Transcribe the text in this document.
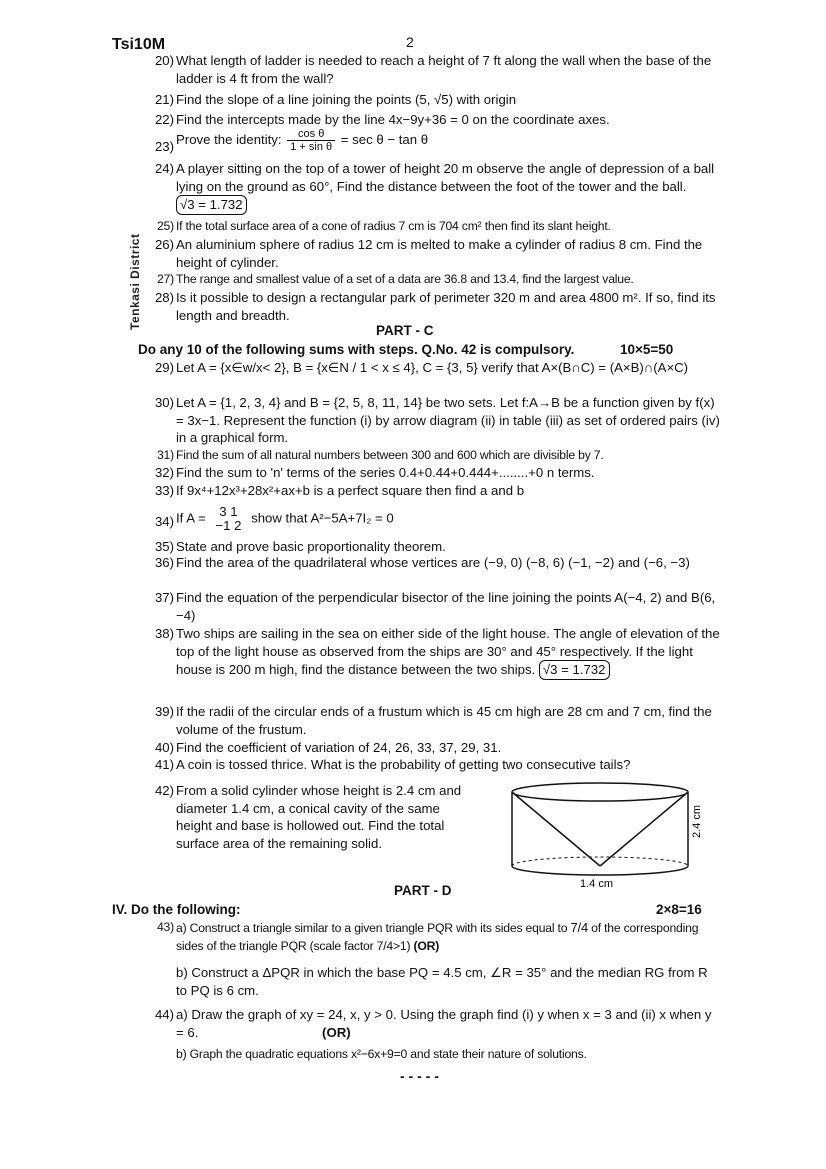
Tsi10M	2
Tenkasi District
20) What length of ladder is needed to reach a height of 7 ft along the wall when the base of the ladder is 4 ft from the wall?
21) Find the slope of a line joining the points (5, √5) with origin
22) Find the intercepts made by the line 4x−9y+36 = 0 on the coordinate axes.
23) Prove the identity: $\frac{\text{cos θ}}{\text{1 + sin θ}} = \sec \theta - \tan \theta$
24) A player sitting on the top of a tower of height 20 m observe the angle of depression of a ball lying on the ground as 60°, Find the distance between the foot of the tower and the ball. √3 = 1.732
25) If the total surface area of a cone of radius 7 cm is 704 cm² then find its slant height.
26) An aluminium sphere of radius 12 cm is melted to make a cylinder of radius 8 cm. Find the height of cylinder.
27) The range and smallest value of a set of a data are 36.8 and 13.4, find the largest value.
28) Is it possible to design a rectangular park of perimeter 320 m and area 4800 m². If so, find its length and breadth.
PART - C
Do any 10 of the following sums with steps. Q.No. 42 is compulsory.	10×5=50
29) Let A = {x∈w/x< 2}, B = {x∈N / 1 < x ≤ 4}, C = {3, 5} verify that A×(B∩C) = (A×B)∩(A×C)
30) Let A = {1, 2, 3, 4} and B = {2, 5, 8, 11, 14} be two sets. Let f:A→B be a function given by f(x) = 3x−1. Represent the function (i) by arrow diagram (ii) in table (iii) as set of ordered pairs (iv) in a graphical form.
31) Find the sum of all natural numbers between 300 and 600 which are divisible by 7.
32) Find the sum to 'n' terms of the series 0.4+0.44+0.444+........+0 n terms.
33) If 9x⁴+12x³+28x²+ax+b is a perfect square then find a and b
34) If A = 3 1
−1 2
show that A²−5A+7I₂ = 0
35) State and prove basic proportionality theorem.
36) Find the area of the quadrilateral whose vertices are (−9, 0) (−8, 6) (−1, −2) and (−6, −3)
37) Find the equation of the perpendicular bisector of the line joining the points A(−4, 2) and B(6, −4)
38) Two ships are sailing in the sea on either side of the light house. The angle of elevation of the top of the light house as observed from the ships are 30° and 45° respectively. If the light house is 200 m high, find the distance between the two ships. √3 = 1.732
39) If the radii of the circular ends of a frustum which is 45 cm high are 28 cm and 7 cm, find the volume of the frustum.
40) Find the coefficient of variation of 24, 26, 33, 37, 29, 31.
41) A coin is tossed thrice. What is the probability of getting two consecutive tails?
42) From a solid cylinder whose height is 2.4 cm and diameter 1.4 cm, a conical cavity of the same height and base is hollowed out. Find the total surface area of the remaining solid.
2.4 cm
1.4 cm
PART - D
IV. Do the following:	2×8=16
43) a) Construct a triangle similar to a given triangle PQR with its sides equal to 7/4 of the corresponding sides of the triangle PQR (scale factor 7/4>1) (OR)
b) Construct a ΔPQR in which the base PQ = 4.5 cm, ∠R = 35° and the median RG from R to PQ is 6 cm.
44) a) Draw the graph of xy = 24, x, y > 0. Using the graph find (i) y when x = 3 and (ii) x when y = 6.	(OR)
b) Graph the quadratic equations x²−6x+9=0 and state their nature of solutions.
- - - - -
